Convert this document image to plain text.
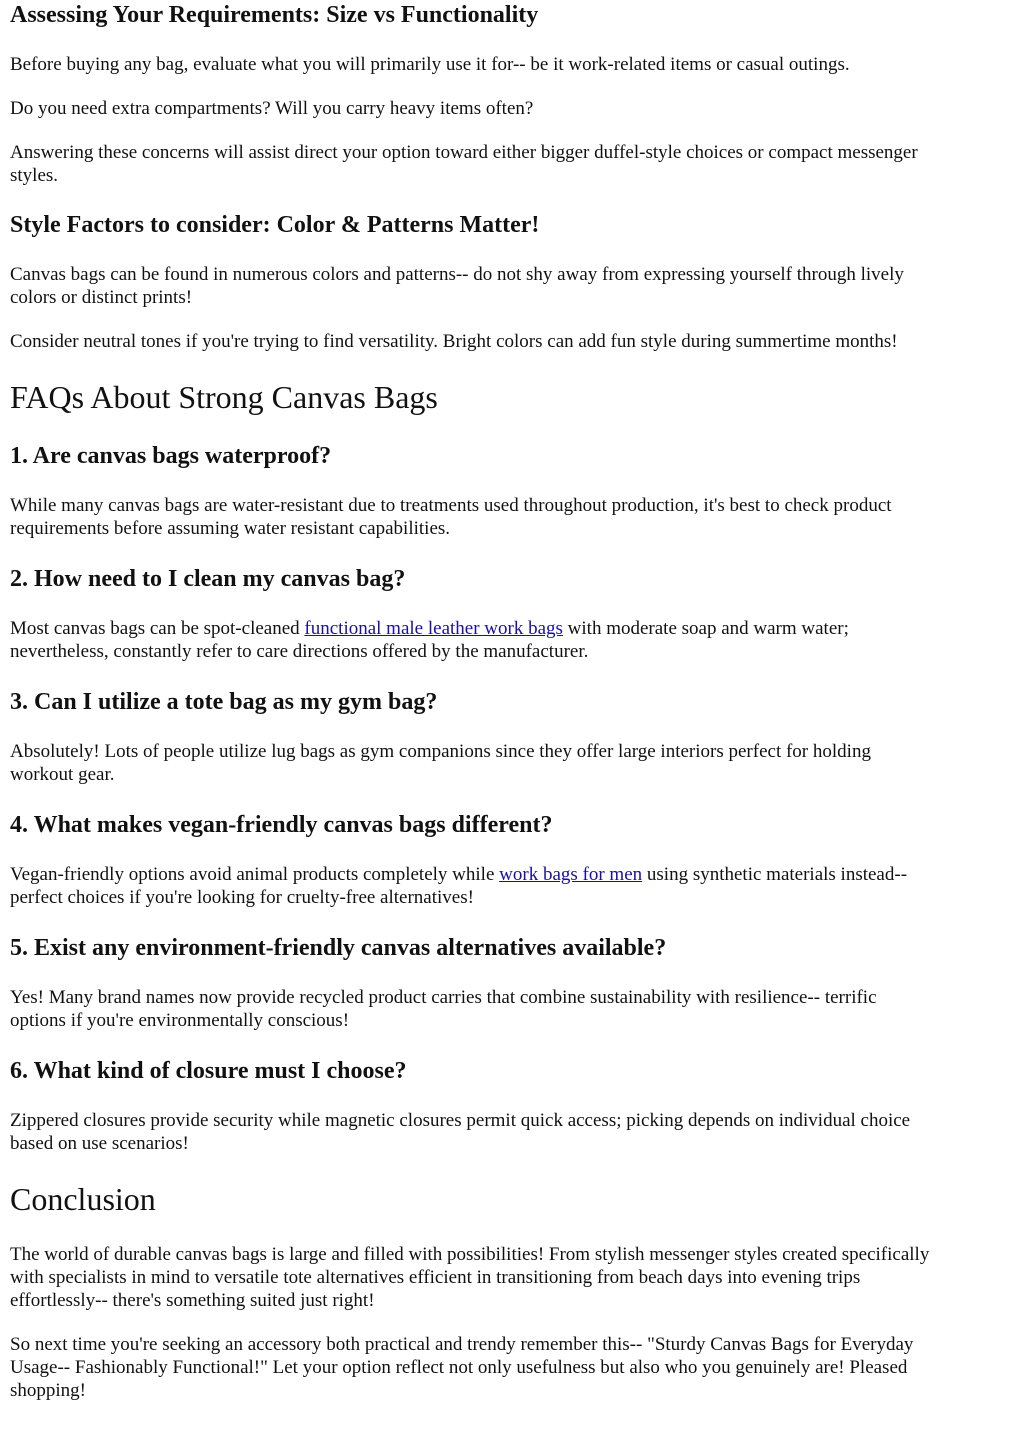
Assessing Your Requirements: Size vs Functionality

Before buying any bag, evaluate what you will primarily use it for-- be it work-related items or casual outings.

Do you need extra compartments? Will you carry heavy items often?

Answering these concerns will assist direct your option toward either bigger duffel-style choices or compact messenger

styles.

Style Factors to consider: Color & Patterns Matter!

Canvas bags can be found in numerous colors and patterns-- do not shy away from expressing yourself through lively

colors or distinct prints!

Consider neutral tones if you're trying to find versatility. Bright colors can add fun style during summertime months!

FAQs About Strong Canvas Bags
1. Are canvas bags waterproof?

While many canvas bags are water-resistant due to treatments used throughout production, it's best to check product

requirements before assuming water resistant capabilities.

2. How need to I clean my canvas bag?

Most canvas bags can be spot-cleaned functional male leather work bags with moderate soap and warm water;

nevertheless, constantly refer to care directions offered by the manufacturer.

3. Can I utilize a tote bag as my gym bag?

Absolutely! Lots of people utilize lug bags as gym companions since they offer large interiors perfect for holding

workout gear.

4. What makes vegan-friendly canvas bags different?

Vegan-friendly options avoid animal products completely while work bags for men using synthetic materials instead--

perfect choices if you're looking for cruelty-free alternatives!

5. Exist any environment-friendly canvas alternatives available?

Yes! Many brand names now provide recycled product carries that combine sustainability with resilience-- terrific

options if you're environmentally conscious!

6. What kind of closure must I choose?

Zippered closures provide security while magnetic closures permit quick access; picking depends on individual choice

based on use scenarios!

Conclusion

The world of durable canvas bags is large and filled with possibilities! From stylish messenger styles created specifically

with specialists in mind to versatile tote alternatives efficient in transitioning from beach days into evening trips

effortlessly-- there's something suited just right!

So next time you're seeking an accessory both practical and trendy remember this-- "Sturdy Canvas Bags for Everyday

Usage-- Fashionably Functional!" Let your option reflect not only usefulness but also who you genuinely are! Pleased

shopping!
